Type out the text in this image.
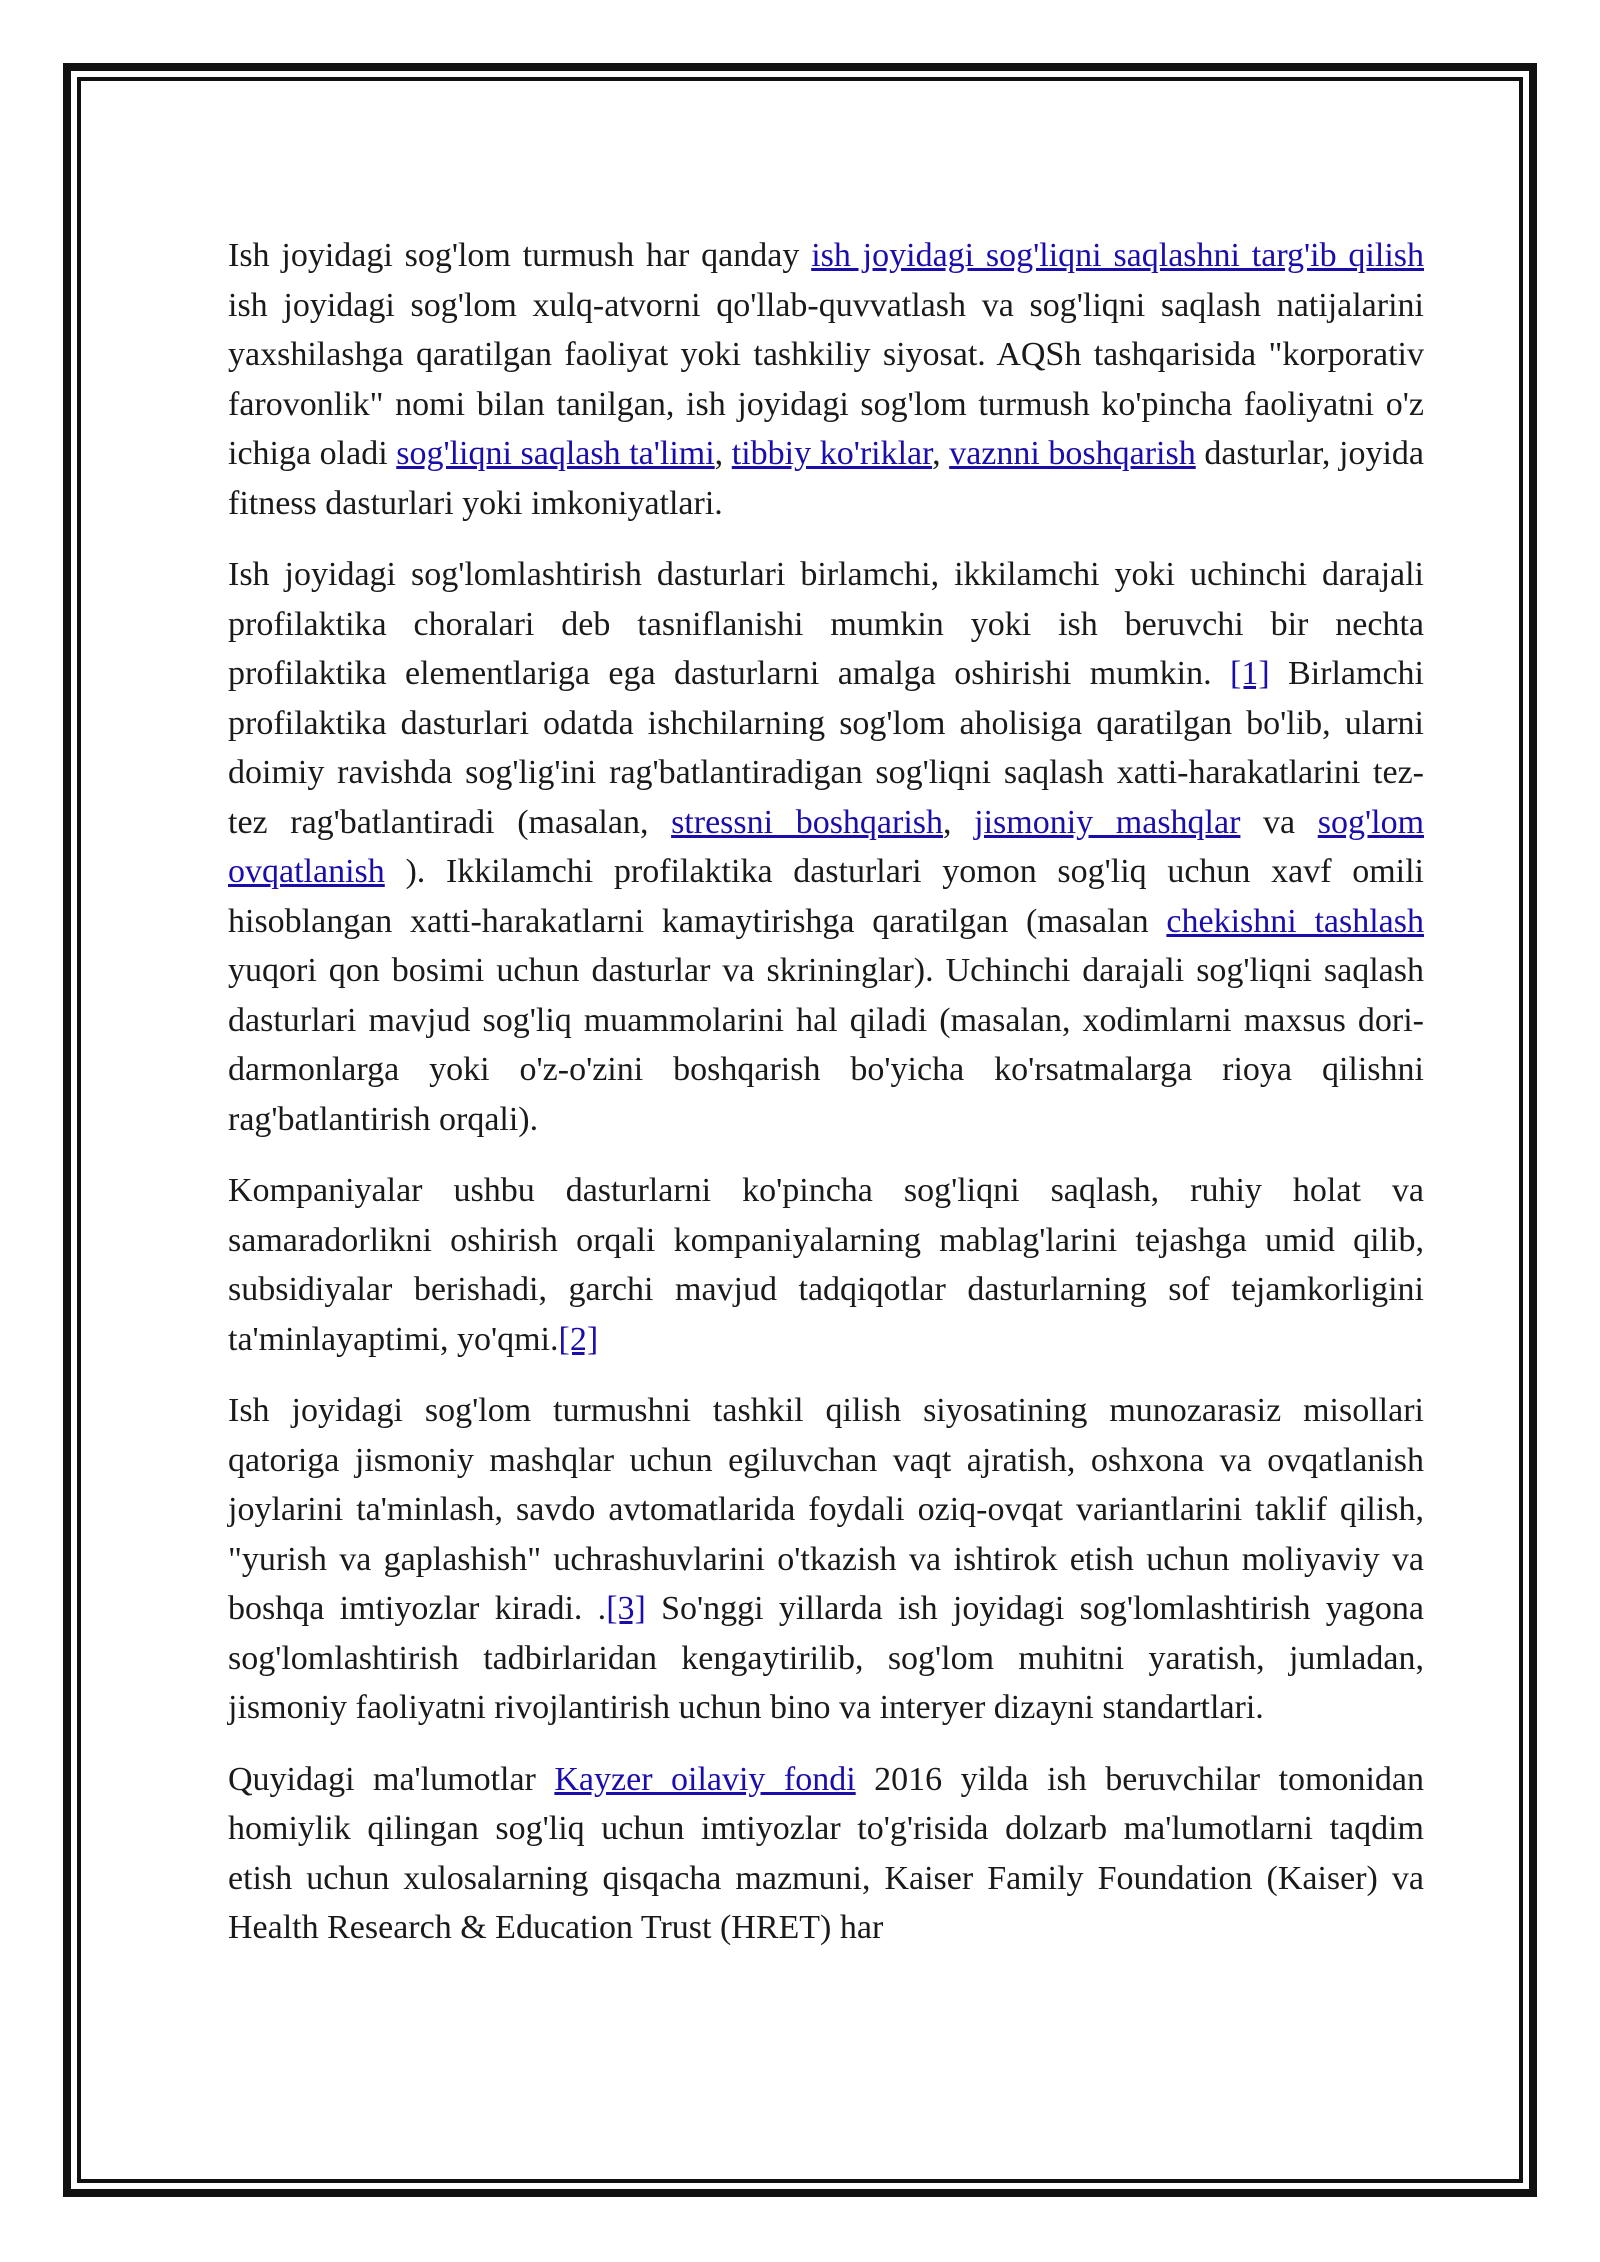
Ish joyidagi sog'lom turmush har qanday ish joyidagi sog'liqni saqlashni targ'ib qilish ish joyidagi sog'lom xulq-atvorni qo'llab-quvvatlash va sog'liqni saqlash natijalarini yaxshilashga qaratilgan faoliyat yoki tashkiliy siyosat. AQSh tashqarisida "korporativ farovonlik" nomi bilan tanilgan, ish joyidagi sog'lom turmush ko'pincha faoliyatni o'z ichiga oladi sog'liqni saqlash ta'limi, tibbiy ko'riklar, vaznni boshqarish dasturlar, joyida fitness dasturlari yoki imkoniyatlari.

Ish joyidagi sog'lomlashtirish dasturlari birlamchi, ikkilamchi yoki uchinchi darajali profilaktika choralari deb tasniflanishi mumkin yoki ish beruvchi bir nechta profilaktika elementlariga ega dasturlarni amalga oshirishi mumkin. [1] Birlamchi profilaktika dasturlari odatda ishchilarning sog'lom aholisiga qaratilgan bo'lib, ularni doimiy ravishda sog'lig'ini rag'batlantiradigan sog'liqni saqlash xatti-harakatlarini tez-tez rag'batlantiradi (masalan, stressni boshqarish, jismoniy mashqlar va sog'lom ovqatlanish ). Ikkilamchi profilaktika dasturlari yomon sog'liq uchun xavf omili hisoblangan xatti-harakatlarni kamaytirishga qaratilgan (masalan chekishni tashlash yuqori qon bosimi uchun dasturlar va skrininglаr). Uchinchi darajali sog'liqni saqlash dasturlari mavjud sog'liq muammolarini hal qiladi (masalan, xodimlarni maxsus dori-darmonlarga yoki o'z-o'zini boshqarish bo'yicha ko'rsatmalarga rioya qilishni rag'batlantirish orqali).

Kompaniyalar ushbu dasturlarni ko'pincha sog'liqni saqlash, ruhiy holat va samaradorlikni oshirish orqali kompaniyalarning mablag'larini tejashga umid qilib, subsidiyalar berishadi, garchi mavjud tadqiqotlar dasturlarning sof tejamkorligini ta'minlayaptimi, yo'qmi.[2]

Ish joyidagi sog'lom turmushni tashkil qilish siyosatining munozarasiz misollari qatoriga jismoniy mashqlar uchun egiluvchan vaqt ajratish, oshxona va ovqatlanish joylarini ta'minlash, savdo avtomatlarida foydali oziq-ovqat variantlarini taklif qilish, "yurish va gaplashish" uchrashuvlarini o'tkazish va ishtirok etish uchun moliyaviy va boshqa imtiyozlar kiradi. .[3] So'nggi yillarda ish joyidagi sog'lomlashtirish yagona sog'lomlashtirish tadbirlaridan kengaytirilib, sog'lom muhitni yaratish, jumladan, jismoniy faoliyatni rivojlantirish uchun bino va interyer dizayni standartlari.

Quyidagi ma'lumotlar Kayzer oilaviy fondi 2016 yilda ish beruvchilar tomonidan homiylik qilingan sog'liq uchun imtiyozlar to'g'risida dolzarb ma'lumotlarni taqdim etish uchun xulosalarning qisqacha mazmuni, Kaiser Family Foundation (Kaiser) va Health Research & Education Trust (HRET) har
